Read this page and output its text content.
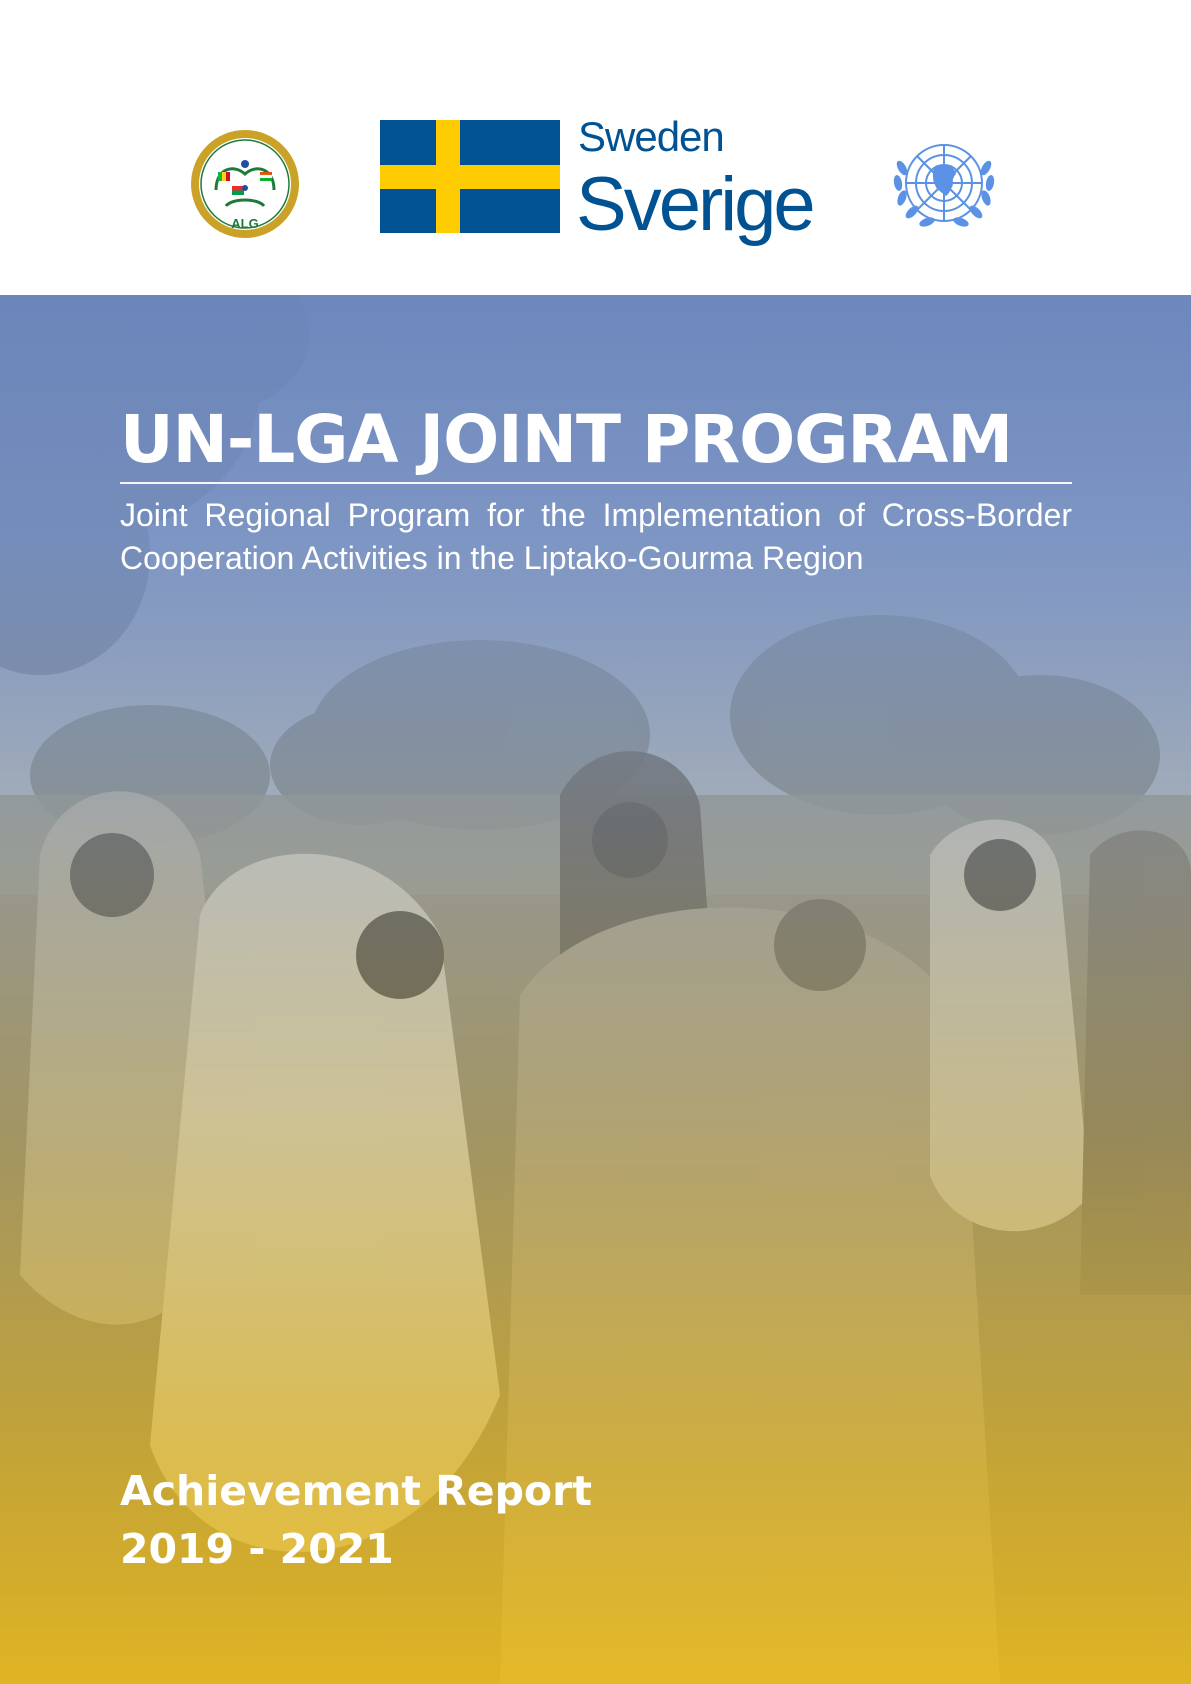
ALG
Sweden
Sverige
UN-LGA JOINT PROGRAM

Joint Regional Program for the Implementation of Cross-Border Cooperation Activities in the Liptako-Gourma Region

Achievement Report
2019 - 2021
